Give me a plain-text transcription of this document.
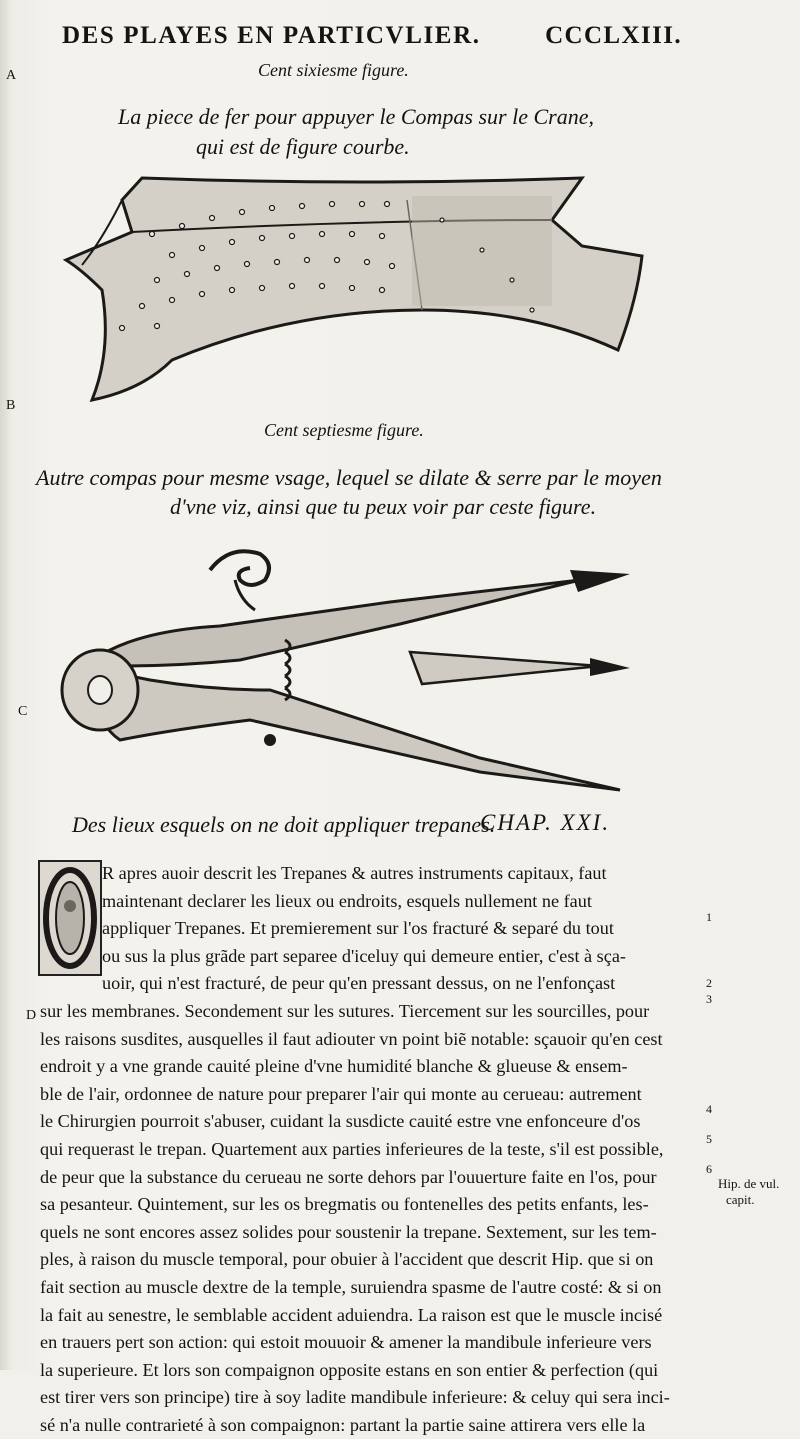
DES PLAYES EN PARTICVLIER.	CCCLXIII.
A
B
C
D
Cent sixiesme figure.
La piece de fer pour appuyer le Compas sur le Crane,
qui est de figure courbe.
Cent septiesme figure.
Autre compas pour mesme vsage, lequel se dilate & serre par le moyen
d'vne viz, ainsi que tu peux voir par ceste figure.
Des lieux esquels on ne doit appliquer trepanes.
CHAP. XXI.
R apres auoir descrit les Trepanes & autres instruments capitaux, faut
maintenant declarer les lieux ou endroits, esquels nullement ne faut
appliquer Trepanes. Et premierement sur l'os fracturé & separé du tout
ou sus la plus grãde part separee d'iceluy qui demeure entier, c'est à sça-
uoir, qui n'est fracturé, de peur qu'en pressant dessus, on ne l'enfonçast
sur les membranes. Secondement sur les sutures. Tiercement sur les sourcilles, pour
les raisons susdites, ausquelles il faut adiouter vn point biẽ notable: sçauoir qu'en cest
endroit y a vne grande cauité pleine d'vne humidité blanche & glueuse & ensem-
ble de l'air, ordonnee de nature pour preparer l'air qui monte au cerueau: autrement
le Chirurgien pourroit s'abuser, cuidant la susdicte cauité estre vne enfonceure d'os
qui requerast le trepan. Quartement aux parties inferieures de la teste, s'il est possible,
de peur que la substance du cerueau ne sorte dehors par l'ouuerture faite en l'os, pour
sa pesanteur. Quintement, sur les os bregmatis ou fontenelles des petits enfants, les-
quels ne sont encores assez solides pour soustenir la trepane. Sextement, sur les tem-
ples, à raison du muscle temporal, pour obuier à l'accident que descrit Hip. que si on
fait section au muscle dextre de la temple, suruiendra spasme de l'autre costé: & si on
la fait au senestre, le semblable accident aduiendra. La raison est que le muscle incisé
en trauers pert son action: qui estoit mouuoir & amener la mandibule inferieure vers
la superieure. Et lors son compaignon opposite estans en son entier & perfection (qui
est tirer vers son principe) tire à soy ladite mandibule inferieure: & celuy qui sera inci-
sé n'a nulle contrarieté à son compaignon: partant la partie saine attirera vers elle la
1
2
3
4
5
6
Hip. de vul.
capit.
